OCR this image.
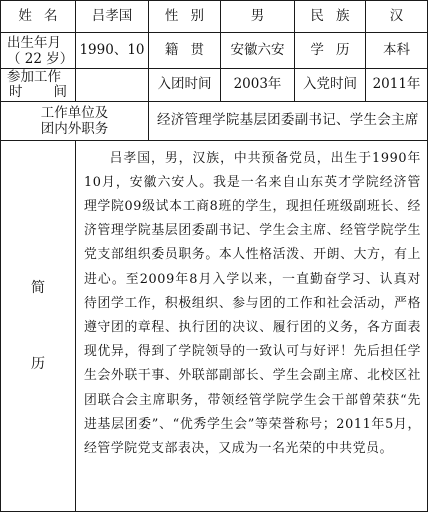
姓名	吕孝国	性别	男	民族	汉

出生年月
（ 22 岁）	1990、10	籍贯	安徽六安	学历	本科

参加工作
时 间		入团时间	2003年	入党时间	2011年

工作单位及
团内外职务		经济管理学院基层团委副书记、学生会主席			

简
历	吕孝国，男，汉族，中共预备党员，出生于1990年10月，安徽六安人。我是一名来自山东英才学院经济管理学院09级试本工商8班的学生，现担任班级副班长、经济管理学院基层团委副书记、学生会主席、经管学院学生党支部组织委员职务。本人性格活泼、开朗、大方，有上进心。至2009年8月入学以来，一直勤奋学习、认真对待团学工作，积极组织、参与团的工作和社会活动，严格遵守团的章程、执行团的决议、履行团的义务，各方面表现优异，得到了学院领导的一致认可与好评！先后担任学生会外联干事、外联部副部长、学生会副主席、北校区社团联合会主席职务，带领经管学院学生会干部曾荣获“先进基层团委”、“优秀学生会”等荣誉称号；2011年5月，经管学院党支部表决，又成为一名光荣的中共党员。				
